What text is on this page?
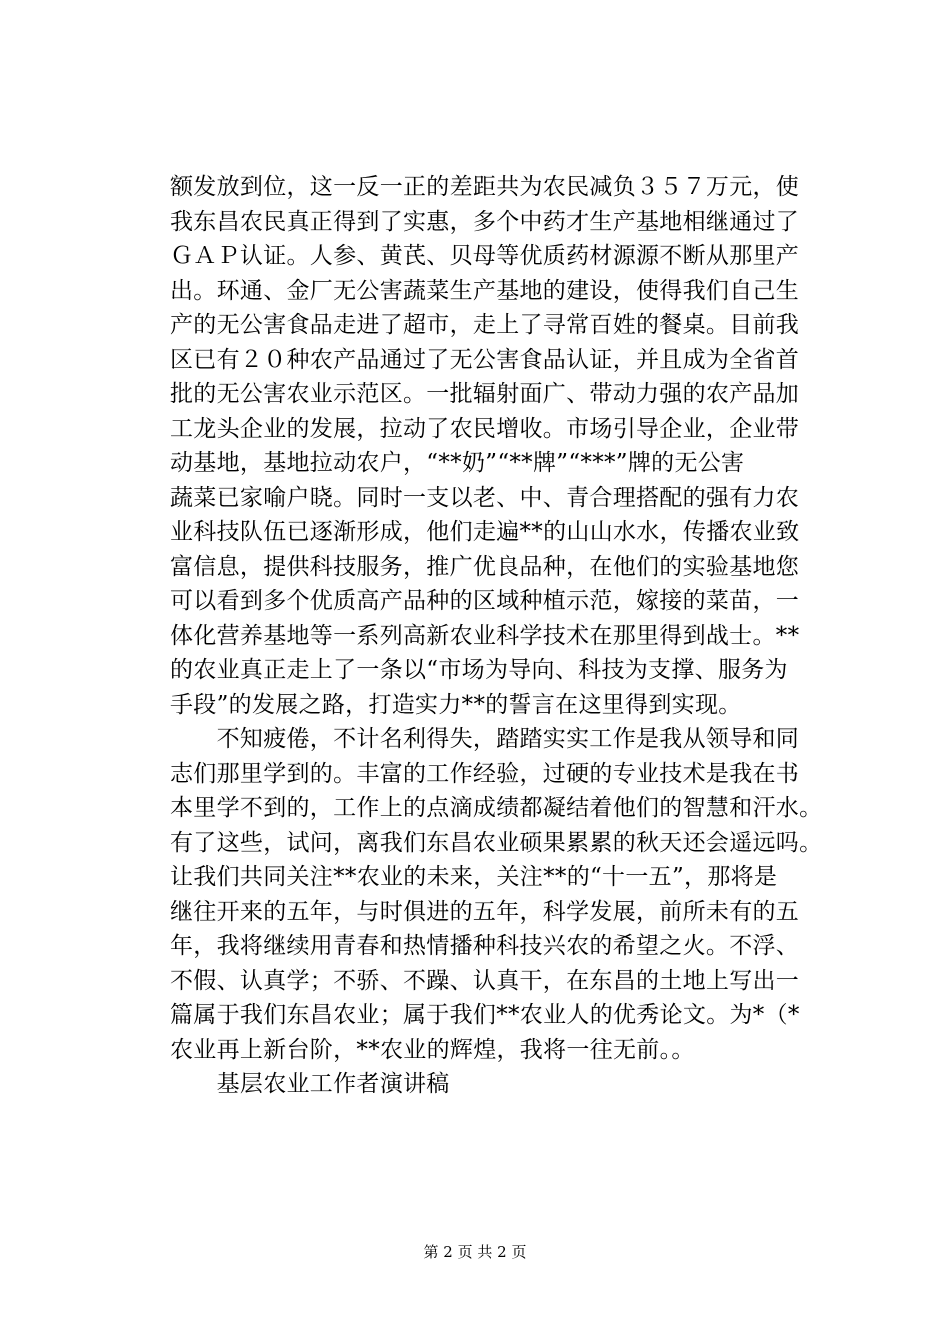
额发放到位，这一反一正的差距共为农民减负３５７万元，使
我东昌农民真正得到了实惠，多个中药才生产基地相继通过了
ＧＡＰ认证。人参、黄芪、贝母等优质药材源源不断从那里产
出。环通、金厂无公害蔬菜生产基地的建设，使得我们自己生
产的无公害食品走进了超市，走上了寻常百姓的餐桌。目前我
区已有２０种农产品通过了无公害食品认证，并且成为全省首
批的无公害农业示范区。一批辐射面广、带动力强的农产品加
工龙头企业的发展，拉动了农民增收。市场引导企业，企业带
动基地，基地拉动农户，“**奶”“**牌”“***”牌的无公害
蔬菜已家喻户晓。同时一支以老、中、青合理搭配的强有力农
业科技队伍已逐渐形成，他们走遍**的山山水水，传播农业致
富信息，提供科技服务，推广优良品种，在他们的实验基地您
可以看到多个优质高产品种的区域种植示范，嫁接的菜苗，一
体化营养基地等一系列高新农业科学技术在那里得到战士。**
的农业真正走上了一条以“市场为导向、科技为支撑、服务为
手段”的发展之路，打造实力**的誓言在这里得到实现。
　　不知疲倦，不计名利得失，踏踏实实工作是我从领导和同
志们那里学到的。丰富的工作经验，过硬的专业技术是我在书
本里学不到的，工作上的点滴成绩都凝结着他们的智慧和汗水。
有了这些，试问，离我们东昌农业硕果累累的秋天还会遥远吗。
让我们共同关注**农业的未来，关注**的“十一五”，那将是
继往开来的五年，与时俱进的五年，科学发展，前所未有的五
年，我将继续用青春和热情播种科技兴农的希望之火。不浮、
不假、认真学；不骄、不躁、认真干，在东昌的土地上写出一
篇属于我们东昌农业；属于我们**农业人的优秀论文。为*（*
农业再上新台阶，**农业的辉煌，我将一往无前。。
　　基层农业工作者演讲稿
第 2 页 共 2 页
